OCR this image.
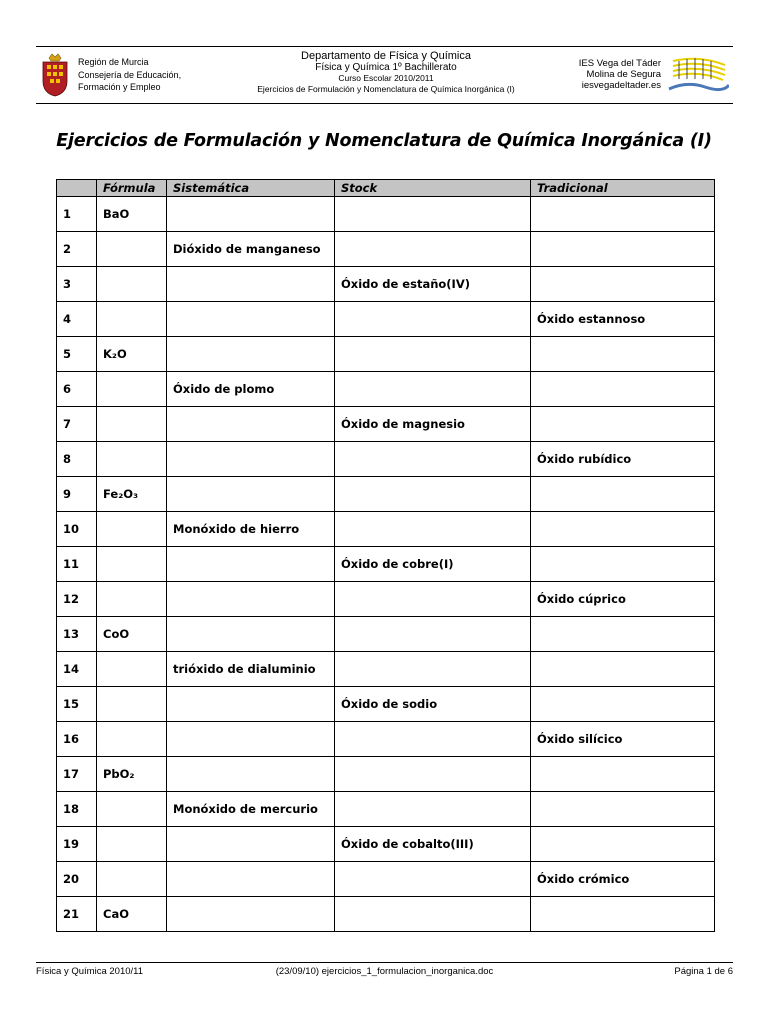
Región de Murcia
Consejería de Educación,
Formación y Empleo
Departamento de Física y Química
Física y Química 1º Bachillerato
Curso Escolar 2010/2011
Ejercicios de Formulación y Nomenclatura de Química Inorgánica (I)
IES Vega del Táder
Molina de Segura
iesvegadeltader.es
Ejercicios de Formulación y Nomenclatura de Química Inorgánica (I)
	Fórmula	Sistemática	Stock	Tradicional
1	BaO			
2		Dióxido de manganeso		
3			Óxido de estaño(IV)	
4				Óxido estannoso
5	K₂O			
6		Óxido de plomo		
7			Óxido de magnesio	
8				Óxido rubídico
9	Fe₂O₃			
10		Monóxido de hierro		
11			Óxido de cobre(I)	
12				Óxido cúprico
13	CoO			
14		trióxido de dialuminio		
15			Óxido de sodio	
16				Óxido silícico
17	PbO₂			
18		Monóxido de mercurio		
19			Óxido de cobalto(III)	
20				Óxido crómico
21	CaO			
Física y Química 2010/11	(23/09/10) ejercicios_1_formulacion_inorganica.doc	Página 1 de 6
